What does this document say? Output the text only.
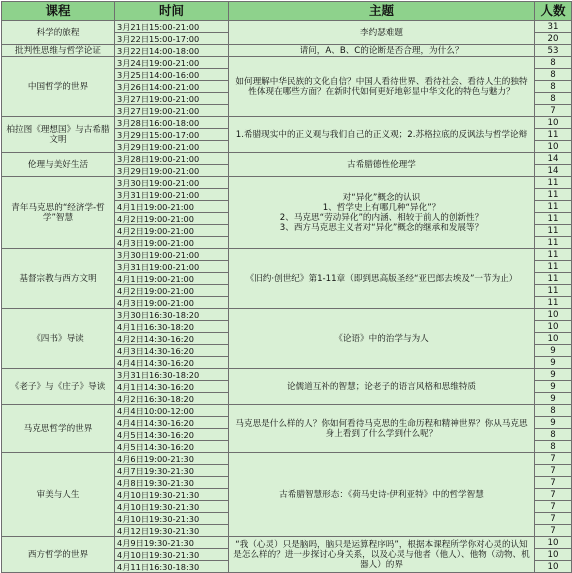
课程	时间	主题	人数
科学的旅程	3月21日15:00-21:00	李约瑟难题	31
	3月22日15:00-17:00		20
批判性思维与哲学论证	3月22日14:00-18:00	请问，A、B、C的论断是否合理，为什么？	53
中国哲学的世界	3月24日19:00-21:00	如何理解中华民族的文化自信？中国人看待世界、看待社会、看待人生的独特性体现在哪些方面？在新时代如何更好地彰显中华文化的特色与魅力？	8
	3月25日14:00-16:00		8
	3月26日14:00-21:00		8
	3月27日19:00-21:00		8
	3月27日19:00-21:00		7
柏拉图《理想国》与古希腊文明	3月28日16:00-18:00	1.希腊现实中的正义观与我们自己的正义观；2.苏格拉底的反讽法与哲学论辩	10
	3月29日15:00-17:00		11
	3月29日19:00-21:00		10
伦理与美好生活	3月28日19:00-21:00	古希腊德性伦理学	14
	3月29日19:00-21:00		14
青年马克思的“经济学-哲学”智慧	3月30日19:00-21:00	对“异化”概念的认识
1、哲学史上有哪几种“异化”？
2、马克思“劳动异化”的内涵、相较于前人的创新性？
3、西方马克思主义者对“异化”概念的继承和发展等？	11
	3月31日19:00-21:00		11
	4月1日19:00-21:00		11
	4月2日19:00-21:00		11
	4月2日19:00-21:00		11
	4月3日19:00-21:00		11
基督宗教与西方文明	3月30日19:00-21:00	《旧约·创世纪》第1-11章（即到思高版圣经“亚巴郎去埃及”一节为止）	11
	3月31日19:00-21:00		11
	4月1日19:00-21:00		11
	4月2日19:00-21:00		11
	4月3日19:00-21:00		11
《四书》导读	3月30日16:30-18:20	《论语》中的治学与为人	10
	4月1日16:30-18:20		10
	4月2日14:30-16:20		10
	4月3日14:30-16:20		9
	4月4日14:30-16:20		9
《老子》与《庄子》导读	3月31日16:30-18:20	论儒道互补的智慧；论老子的语言风格和思维特质	9
	4月1日14:30-16:20		9
	4月2日16:30-18:20		9
马克思哲学的世界	4月4日10:00-12:00	马克思是什么样的人？你如何看待马克思的生命历程和精神世界？你从马克思身上看到了什么学到什么呢？	8
	4月4日14:30-16:20		9
	4月5日14:30-16:20		8
	4月5日14:30-16:20		8
审美与人生	4月6日19:00-21:30	古希腊智慧形态：《荷马史诗·伊利亚特》中的哲学智慧	7
	4月7日19:30-21:30		7
	4月8日19:30-21:30		7
	4月10日19:30-21:30		7
	4月10日19:30-21:30		7
	4月10日19:30-21:30		7
	4月12日19:30-21:30		7
西方哲学的世界	4月9日19:30-21:30	“我（心灵）只是脑吗，脑只是运算程序吗”，根据本课程所学你对心灵的认知是怎么样的？进一步探讨心身关系，以及心灵与他者（他人）、他物（动物、机器人）的界	10
	4月10日19:30-21:30		10
	4月11日16:30-18:30		10
